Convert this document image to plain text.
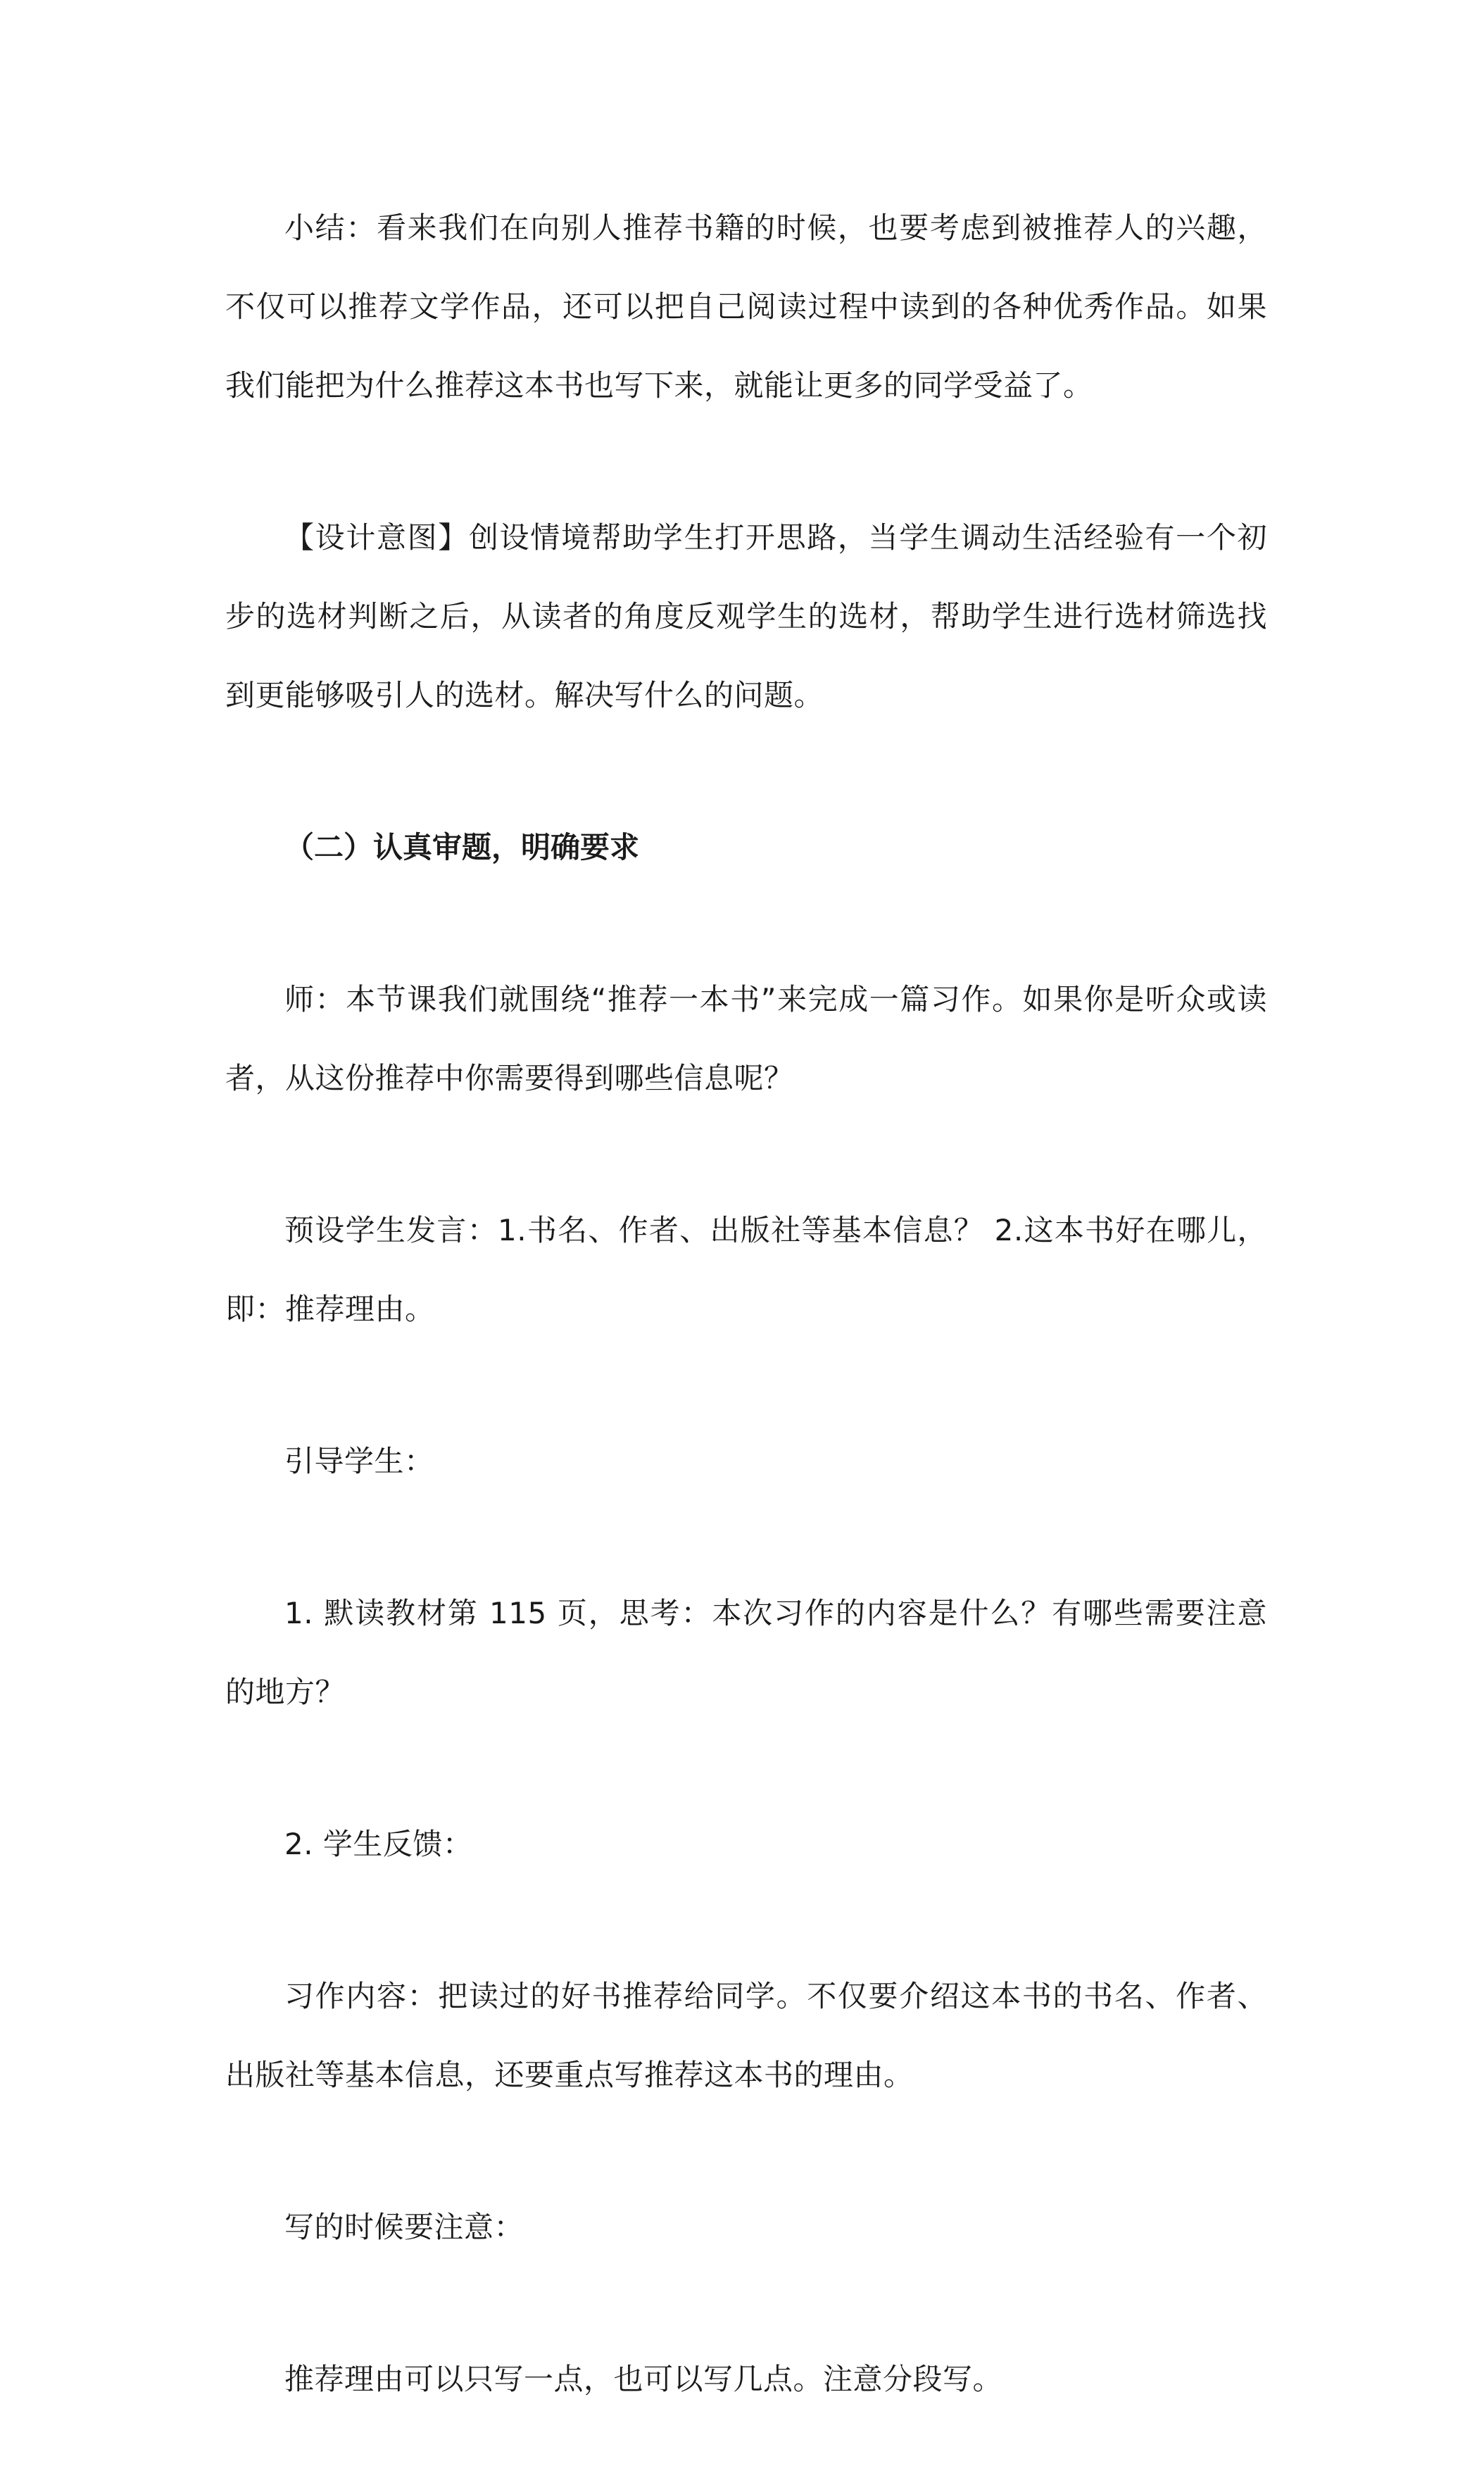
小结：看来我们在向别人推荐书籍的时候，也要考虑到被推荐人的兴趣，不仅可以推荐文学作品，还可以把自己阅读过程中读到的各种优秀作品。如果我们能把为什么推荐这本书也写下来，就能让更多的同学受益了。

【设计意图】创设情境帮助学生打开思路，当学生调动生活经验有一个初步的选材判断之后，从读者的角度反观学生的选材，帮助学生进行选材筛选找到更能够吸引人的选材。解决写什么的问题。

（二）认真审题，明确要求

师：本节课我们就围绕“推荐一本书”来完成一篇习作。如果你是听众或读者，从这份推荐中你需要得到哪些信息呢？

预设学生发言：1.书名、作者、出版社等基本信息？ 2.这本书好在哪儿，即：推荐理由。

引导学生：

1. 默读教材第 115 页，思考：本次习作的内容是什么？有哪些需要注意的地方？

2. 学生反馈：

习作内容：把读过的好书推荐给同学。不仅要介绍这本书的书名、作者、出版社等基本信息，还要重点写推荐这本书的理由。

写的时候要注意：

推荐理由可以只写一点，也可以写几点。注意分段写。
